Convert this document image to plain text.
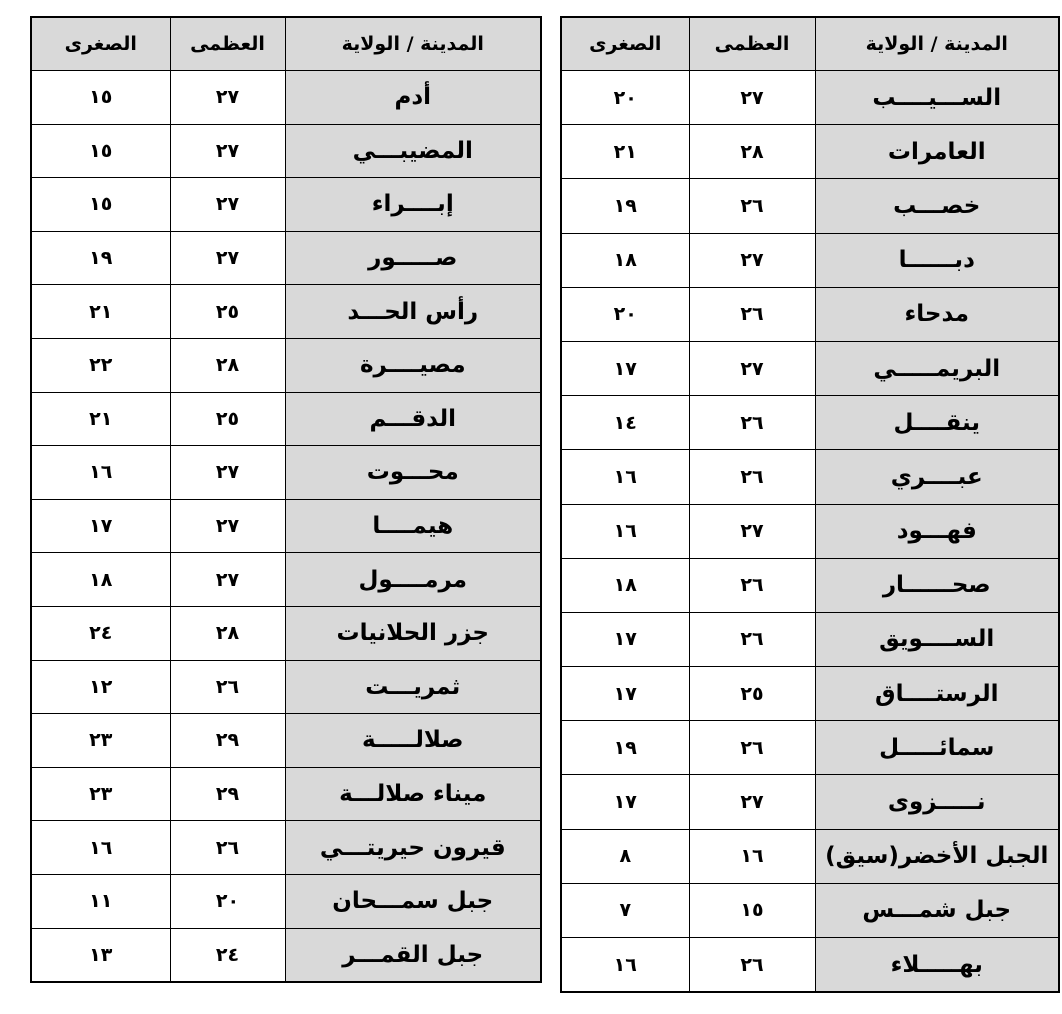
الصغرى	العظمى	المدينة / الولاية
١٥	٢٧	أدم
١٥	٢٧	المضيبـــي
١٥	٢٧	إبــــراء
١٩	٢٧	صـــــور
٢١	٢٥	رأس الحـــد
٢٢	٢٨	مصيــــرة
٢١	٢٥	الدقـــم
١٦	٢٧	محـــوت
١٧	٢٧	هيمــــا
١٨	٢٧	مرمــــول
٢٤	٢٨	جزر الحلانيات
١٢	٢٦	ثمريـــت
٢٣	٢٩	صلالـــــة
٢٣	٢٩	ميناء صلالـــة
١٦	٢٦	قيرون حيريتـــي
١١	٢٠	جبل سمـــحان
١٣	٢٤	جبل القمـــر
الصغرى	العظمى	المدينة / الولاية
٢٠	٢٧	الســـيــــب
٢١	٢٨	العامرات
١٩	٢٦	خصـــب
١٨	٢٧	دبــــــا
٢٠	٢٦	مدحاء
١٧	٢٧	البريمـــــي
١٤	٢٦	ينقــــل
١٦	٢٦	عبــــري
١٦	٢٧	فهـــود
١٨	٢٦	صحــــــار
١٧	٢٦	الســــويق
١٧	٢٥	الرستــــاق
١٩	٢٦	سمائـــــل
١٧	٢٧	نـــــزوى
٨	١٦	الجبل الأخضر(سيق)
٧	١٥	جبل شمـــس
١٦	٢٦	بهـــــلاء
